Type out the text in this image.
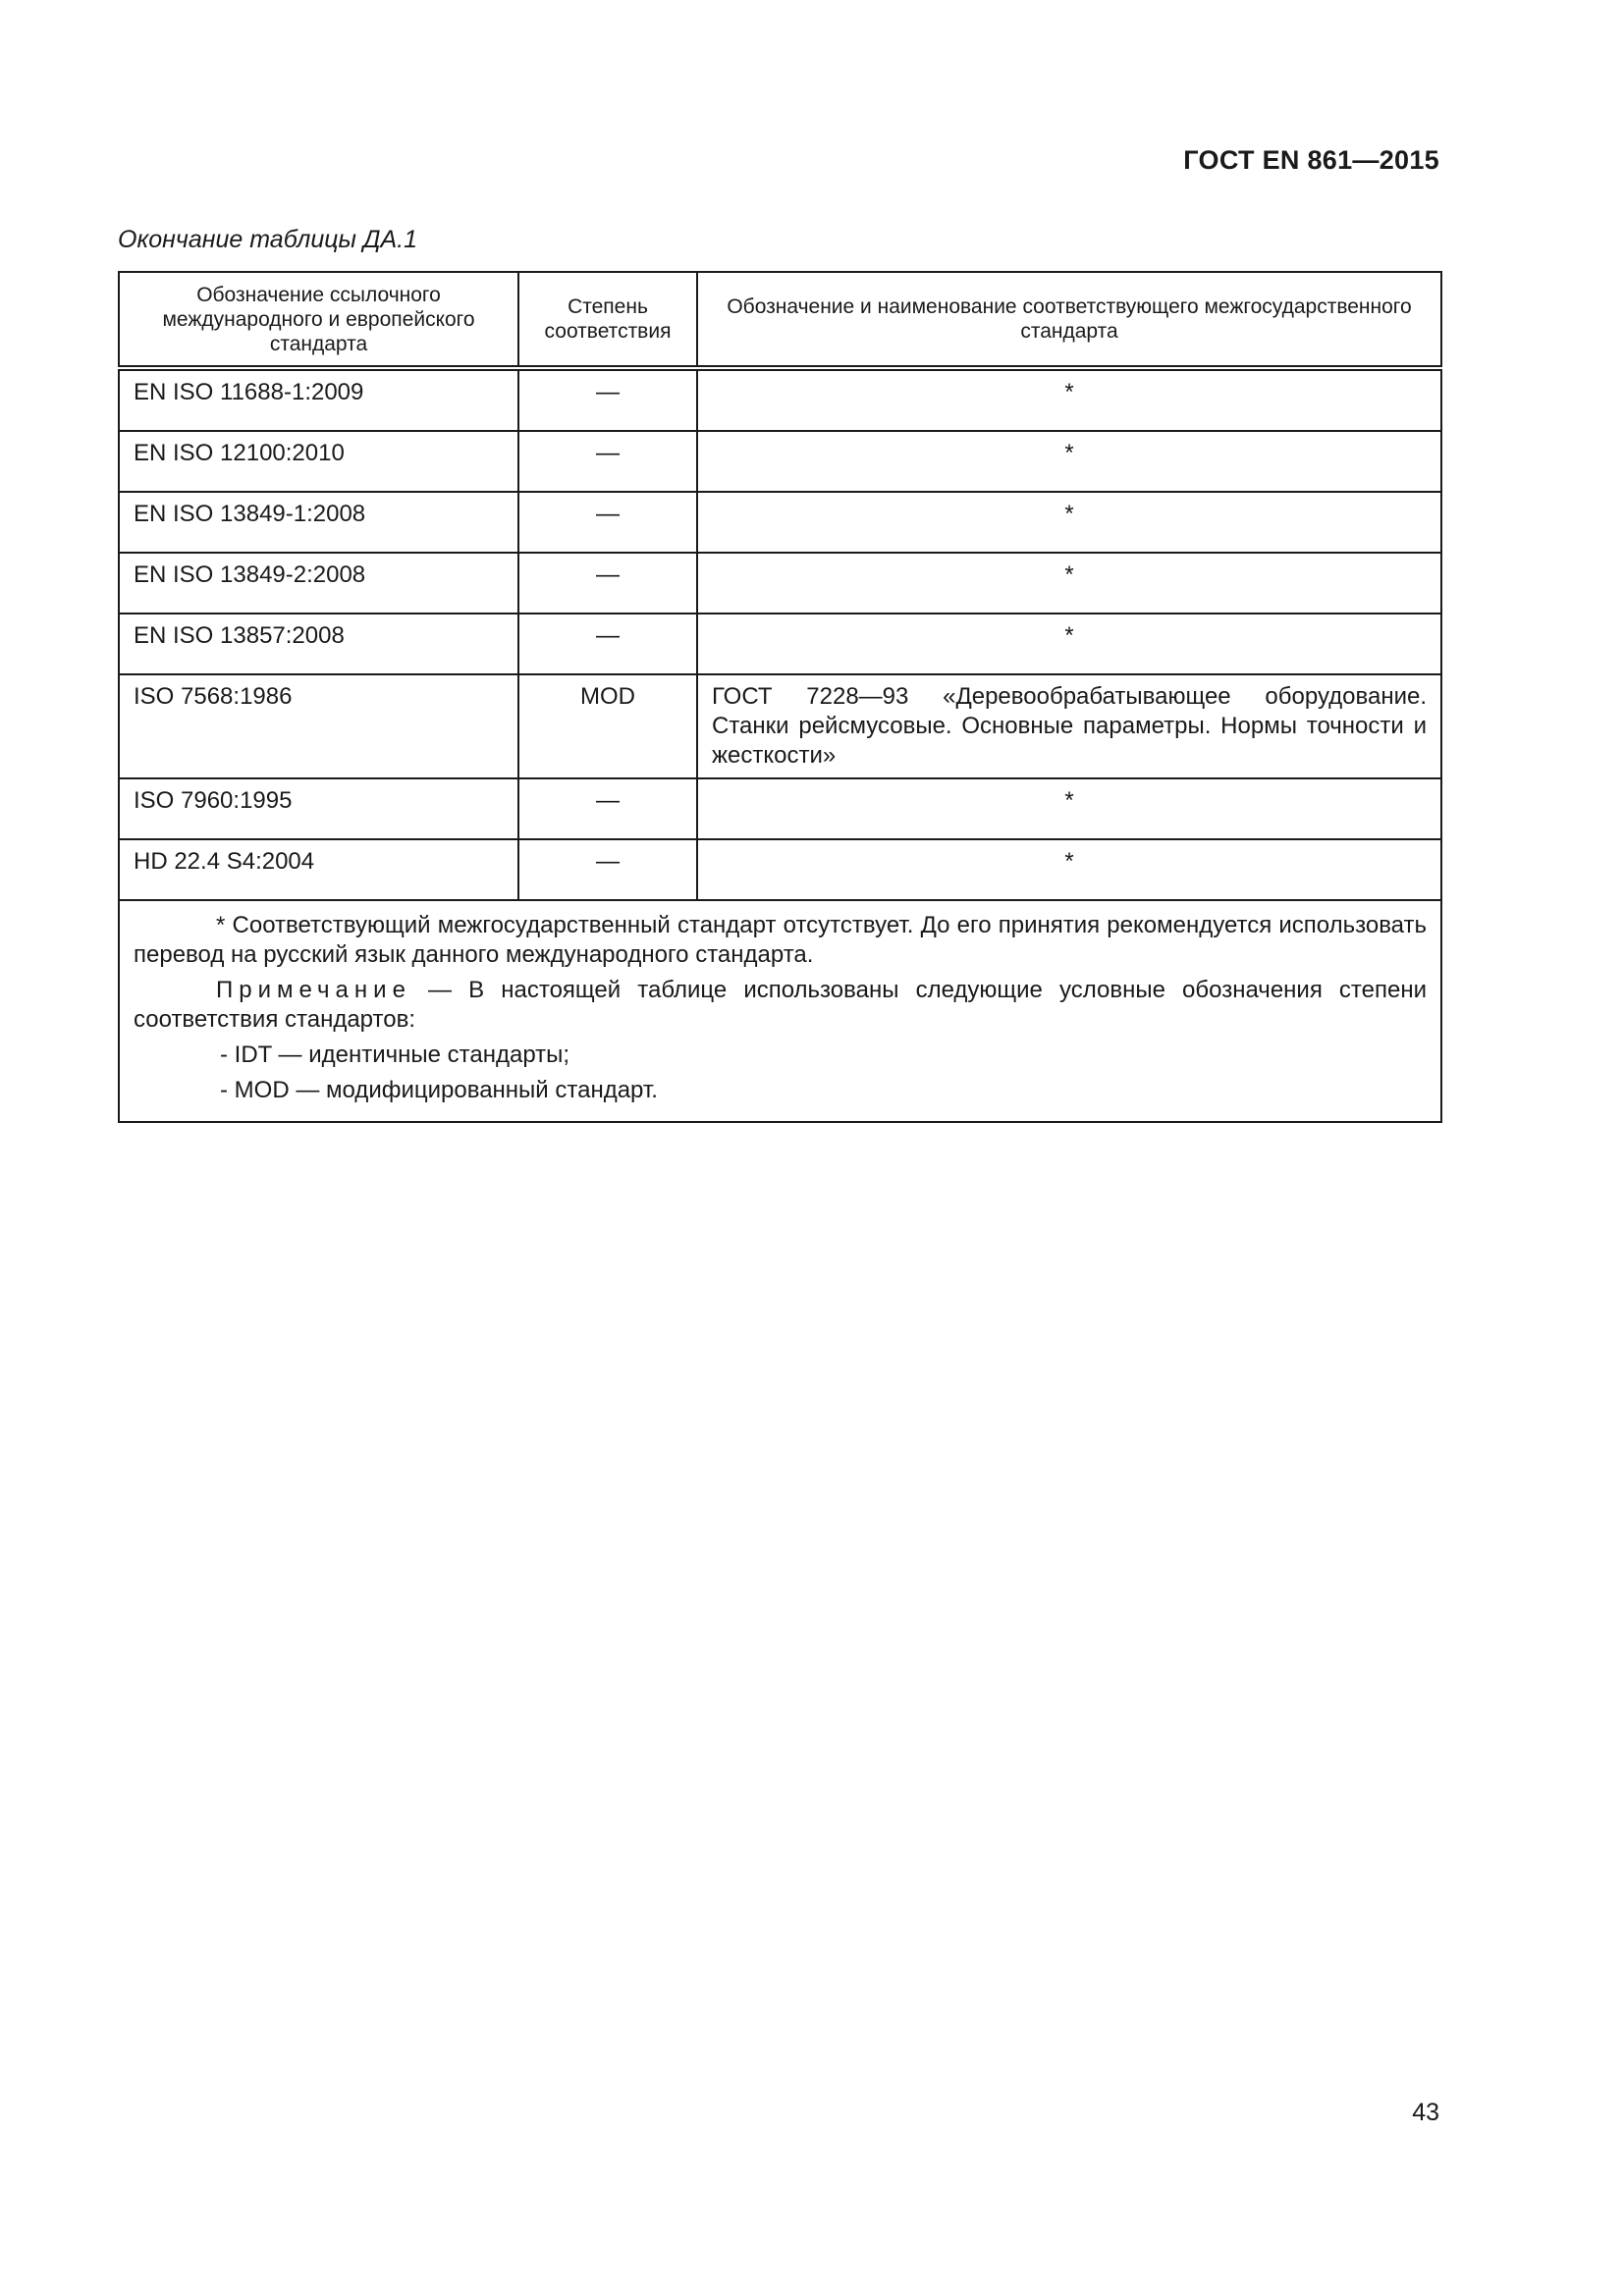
ГОСТ EN 861—2015
Окончание таблицы ДА.1
Обозначение ссылочного международного и европейского стандарта	Степень соответствия	Обозначение и наименование соответствующего межгосударственного стандарта
EN ISO 11688-1:2009	—	*
EN ISO 12100:2010	—	*
EN ISO 13849-1:2008	—	*
EN ISO 13849-2:2008	—	*
EN ISO 13857:2008	—	*
ISO 7568:1986	MOD	ГОСТ 7228—93 «Деревообрабатывающее оборудование. Станки рейсмусовые. Основные параметры. Нормы точности и жесткости»
ISO 7960:1995	—	*
HD 22.4 S4:2004	—	*

* Соответствующий межгосударственный стандарт отсутствует. До его принятия рекомендуется использовать перевод на русский язык данного международного стандарта.

Примечание — В настоящей таблице использованы следующие условные обозначения степени соответствия стандартов:

- IDT — идентичные стандарты;
- MOD — модифицированный стандарт.		
43
